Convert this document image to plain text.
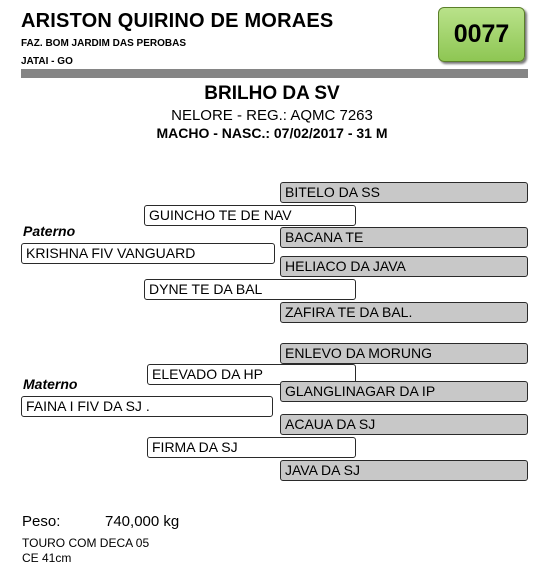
ARISTON QUIRINO DE MORAES
FAZ. BOM JARDIM DAS PEROBAS
JATAI - GO
0077
BRILHO DA SV
NELORE - REG.: AQMC 7263
MACHO - NASC.: 07/02/2017 - 31 M
BITELO DA SS
GUINCHO TE DE NAV
BACANA TE
Paterno
KRISHNA FIV VANGUARD
HELIACO DA JAVA
DYNE TE DA BAL
ZAFIRA TE DA BAL.
ENLEVO DA MORUNG
ELEVADO DA HP
Materno	GLANGLINAGAR DA IP
FAINA I FIV DA SJ .
ACAUA DA SJ
FIRMA DA SJ
JAVA DA SJ
Peso:	740,000 kg
TOURO COM DECA 05
CE 41cm
